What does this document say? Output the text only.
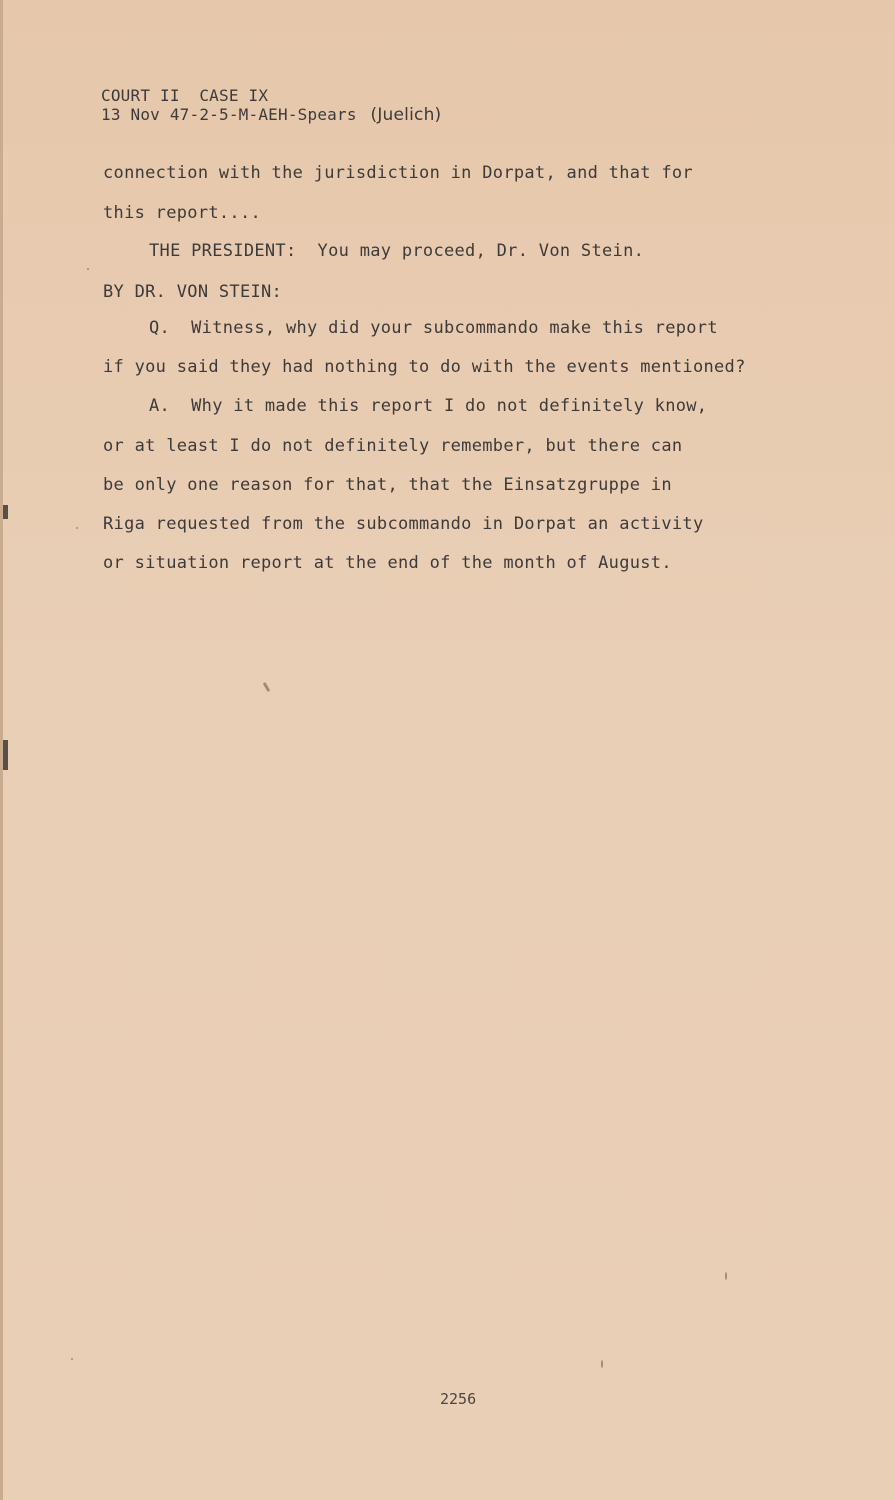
COURT II  CASE IX
13 Nov 47-2-5-M-AEH-Spears (Juelich)
connection with the jurisdiction in Dorpat, and that for
this report....
THE PRESIDENT:  You may proceed, Dr. Von Stein.
BY DR. VON STEIN:
Q.  Witness, why did your subcommando make this report
if you said they had nothing to do with the events mentioned?
A.  Why it made this report I do not definitely know,
or at least I do not definitely remember, but there can
be only one reason for that, that the Einsatzgruppe in
Riga requested from the subcommando in Dorpat an activity
or situation report at the end of the month of August.
2256
